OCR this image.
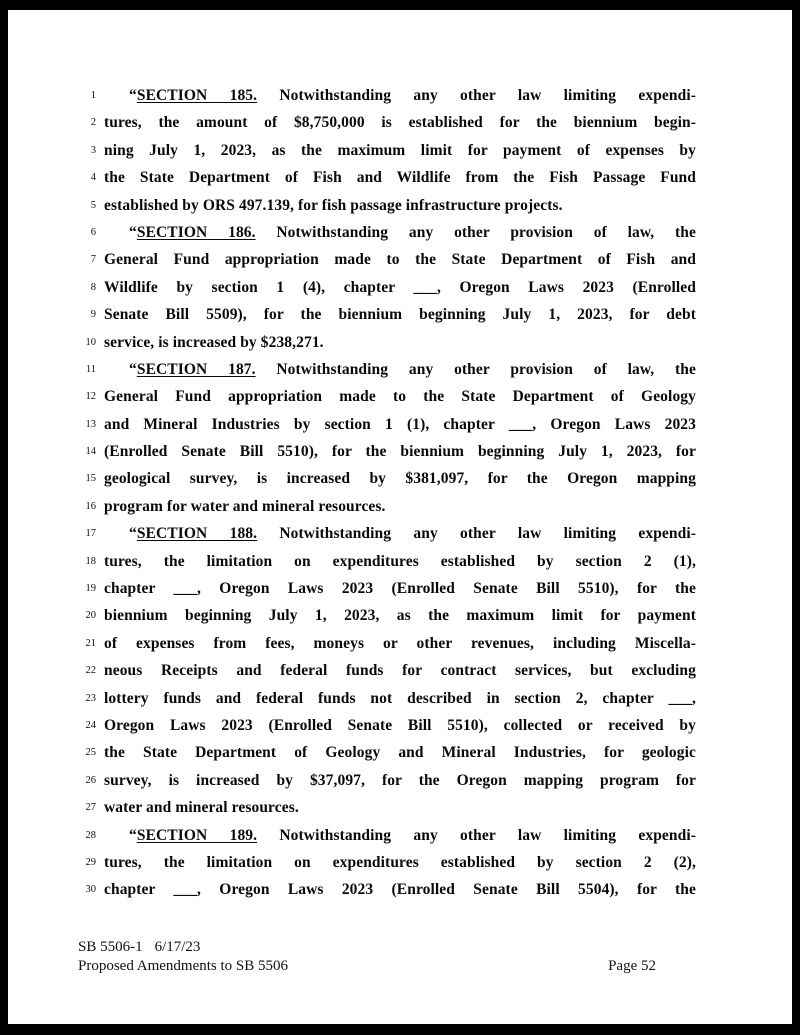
1	“SECTION 185. Notwithstanding any other law limiting expendi-
2 tures, the amount of $8,750,000 is established for the biennium begin-
3 ning July 1, 2023, as the maximum limit for payment of expenses by
4 the State Department of Fish and Wildlife from the Fish Passage Fund
5 established by ORS 497.139, for fish passage infrastructure projects.
6	“SECTION 186. Notwithstanding any other provision of law, the
7 General Fund appropriation made to the State Department of Fish and
8 Wildlife by section 1 (4), chapter ___, Oregon Laws 2023 (Enrolled
9 Senate Bill 5509), for the biennium beginning July 1, 2023, for debt
10 service, is increased by $238,271.
11	“SECTION 187. Notwithstanding any other provision of law, the
12 General Fund appropriation made to the State Department of Geology
13 and Mineral Industries by section 1 (1), chapter ___, Oregon Laws 2023
14 (Enrolled Senate Bill 5510), for the biennium beginning July 1, 2023, for
15 geological survey, is increased by $381,097, for the Oregon mapping
16 program for water and mineral resources.
17	“SECTION 188. Notwithstanding any other law limiting expendi-
18 tures, the limitation on expenditures established by section 2 (1),
19 chapter ___, Oregon Laws 2023 (Enrolled Senate Bill 5510), for the
20 biennium beginning July 1, 2023, as the maximum limit for payment
21 of expenses from fees, moneys or other revenues, including Miscella-
22 neous Receipts and federal funds for contract services, but excluding
23 lottery funds and federal funds not described in section 2, chapter ___,
24 Oregon Laws 2023 (Enrolled Senate Bill 5510), collected or received by
25 the State Department of Geology and Mineral Industries, for geologic
26 survey, is increased by $37,097, for the Oregon mapping program for
27 water and mineral resources.
28	“SECTION 189. Notwithstanding any other law limiting expendi-
29 tures, the limitation on expenditures established by section 2 (2),
30 chapter ___, Oregon Laws 2023 (Enrolled Senate Bill 5504), for the
SB 5506-1 6/17/23
Proposed Amendments to SB 5506	Page 52
